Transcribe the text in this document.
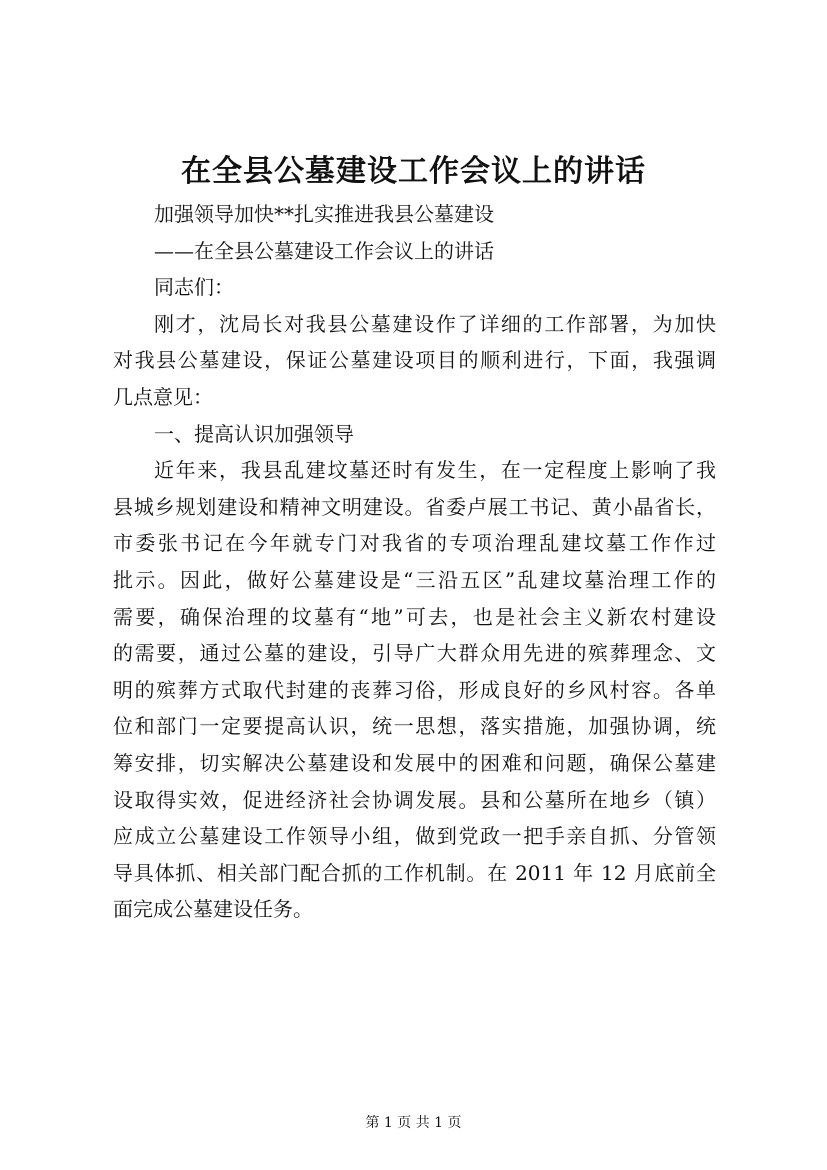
在全县公墓建设工作会议上的讲话
加强领导加快**扎实推进我县公墓建设
——在全县公墓建设工作会议上的讲话
同志们：
刚才，沈局长对我县公墓建设作了详细的工作部署，为加快
对我县公墓建设，保证公墓建设项目的顺利进行，下面，我强调
几点意见：
一、提高认识加强领导
近年来，我县乱建坟墓还时有发生，在一定程度上影响了我
县城乡规划建设和精神文明建设。省委卢展工书记、黄小晶省长，
市委张书记在今年就专门对我省的专项治理乱建坟墓工作作过
批示。因此，做好公墓建设是“三沿五区”乱建坟墓治理工作的
需要，确保治理的坟墓有“地”可去，也是社会主义新农村建设
的需要，通过公墓的建设，引导广大群众用先进的殡葬理念、文
明的殡葬方式取代封建的丧葬习俗，形成良好的乡风村容。各单
位和部门一定要提高认识，统一思想，落实措施，加强协调，统
筹安排，切实解决公墓建设和发展中的困难和问题，确保公墓建
设取得实效，促进经济社会协调发展。县和公墓所在地乡（镇）
应成立公墓建设工作领导小组，做到党政一把手亲自抓、分管领
导具体抓、相关部门配合抓的工作机制。在 2011 年 12 月底前全
面完成公墓建设任务。
第 1 页 共 1 页
